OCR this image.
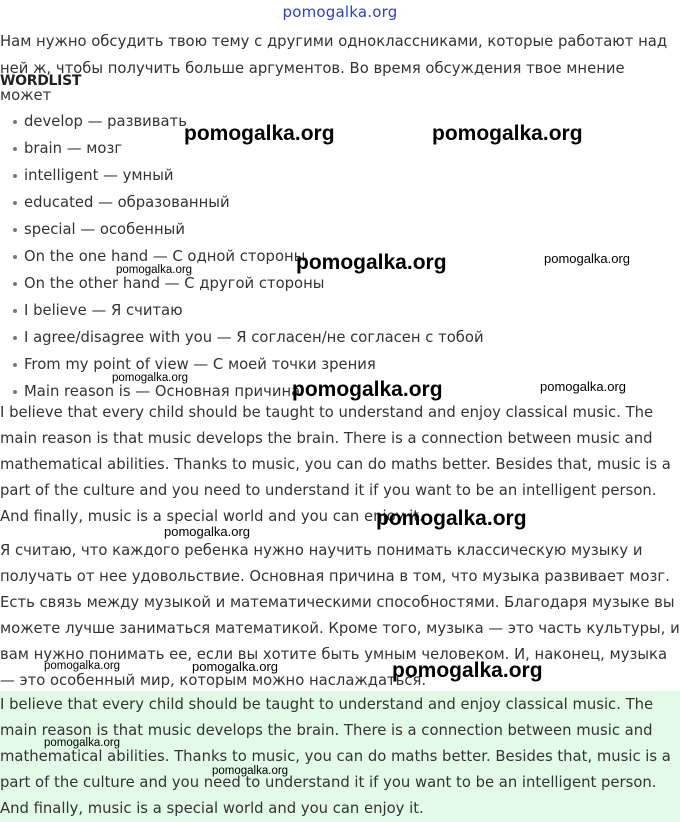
pomogalka.org
Нам нужно обсудить твою тему с другими одноклассниками, которые работают над ней ж, чтобы получить больше аргументов. Во время обсуждения твое мнение может
WORDLIST
develop — развивать
brain — мозг
intelligent — умный
educated — образованный
special — особенный
On the one hand — С одной стороны
On the other hand — С другой стороны
I believe — Я считаю
I agree/disagree with you — Я согласен/не согласен с тобой
From my point of view — С моей точки зрения
Main reason is — Основная причина
I believe that every child should be taught to understand and enjoy classical music. The main reason is that music develops the brain. There is a connection between music and mathematical abilities. Thanks to music, you can do maths better. Besides that, music is a part of the culture and you need to understand it if you want to be an intelligent person. And finally, music is a special world and you can enjoy it.
Я считаю, что каждого ребенка нужно научить понимать классическую музыку и получать от нее удовольствие. Основная причина в том, что музыка развивает мозг. Есть связь между музыкой и математическими способностями. Благодаря музыке вы можете лучше заниматься математикой. Кроме того, музыка — это часть культуры, и вам нужно понимать ее, если вы хотите быть умным человеком. И, наконец, музыка — это особенный мир, которым можно наслаждаться.
I believe that every child should be taught to understand and enjoy classical music. The main reason is that music develops the brain. There is a connection between music and mathematical abilities. Thanks to music, you can do maths better. Besides that, music is a part of the culture and you need to understand it if you want to be an intelligent person. And finally, music is a special world and you can enjoy it.
pomogalka.org	pomogalka.org
pomogalka.org	pomogalka.org
pomogalka.org
pomogalka.org	pomogalka.org	pomogalka.org
pomogalka.org
pomogalka.org
pomogalka.org	pomogalka.org	pomogalka.org
pomogalka.org
pomogalka.org
